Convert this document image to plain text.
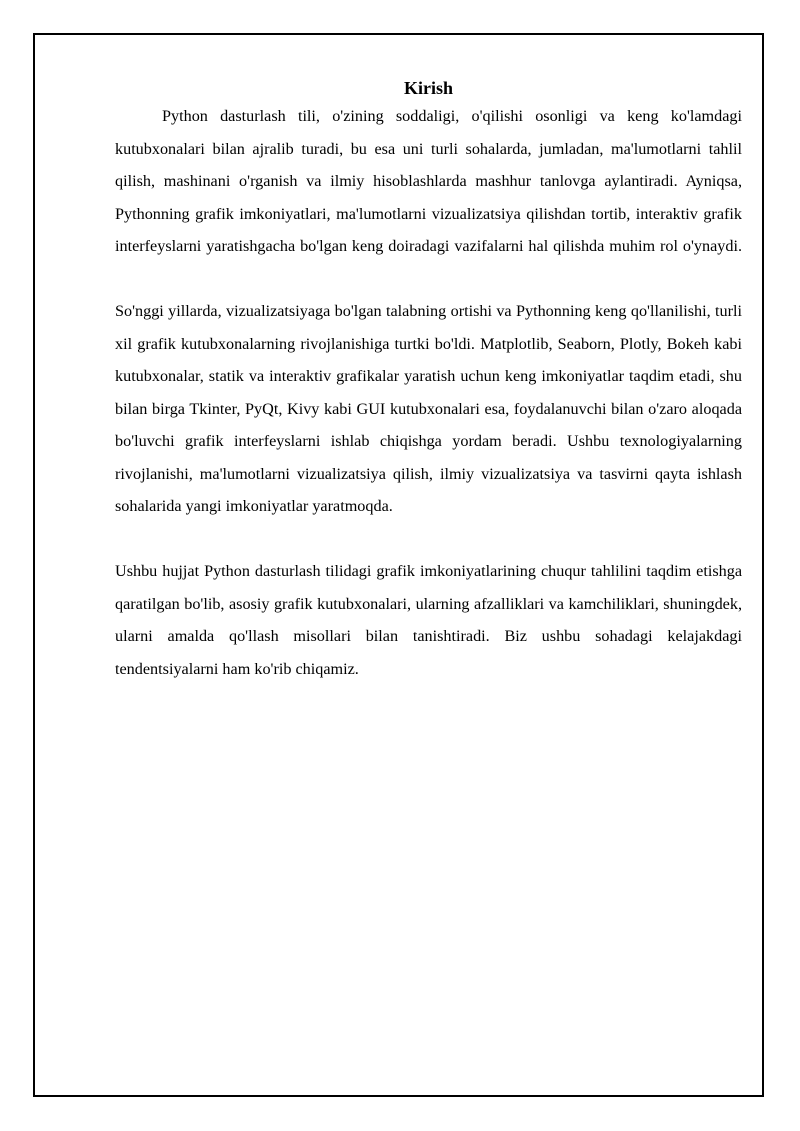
Kirish

Python dasturlash tili, o'zining soddaligi, o'qilishi osonligi va keng ko'lamdagi kutubxonalari bilan ajralib turadi, bu esa uni turli sohalarda, jumladan, ma'lumotlarni tahlil qilish, mashinani o'rganish va ilmiy hisoblashlarda mashhur tanlovga aylantiradi. Ayniqsa, Pythonning grafik imkoniyatlari, ma'lumotlarni vizualizatsiya qilishdan tortib, interaktiv grafik interfeyslarni yaratishgacha bo'lgan keng doiradagi vazifalarni hal qilishda muhim rol o'ynaydi.

So'nggi yillarda, vizualizatsiyaga bo'lgan talabning ortishi va Pythonning keng qo'llanilishi, turli xil grafik kutubxonalarning rivojlanishiga turtki bo'ldi. Matplotlib, Seaborn, Plotly, Bokeh kabi kutubxonalar, statik va interaktiv grafikalar yaratish uchun keng imkoniyatlar taqdim etadi, shu bilan birga Tkinter, PyQt, Kivy kabi GUI kutubxonalari esa, foydalanuvchi bilan o'zaro aloqada bo'luvchi grafik interfeyslarni ishlab chiqishga yordam beradi. Ushbu texnologiyalarning rivojlanishi, ma'lumotlarni vizualizatsiya qilish, ilmiy vizualizatsiya va tasvirni qayta ishlash sohalarida yangi imkoniyatlar yaratmoqda.

Ushbu hujjat Python dasturlash tilidagi grafik imkoniyatlarining chuqur tahlilini taqdim etishga qaratilgan bo'lib, asosiy grafik kutubxonalari, ularning afzalliklari va kamchiliklari, shuningdek, ularni amalda qo'llash misollari bilan tanishtiradi. Biz ushbu sohadagi kelajakdagi tendentsiyalarni ham ko'rib chiqamiz.
